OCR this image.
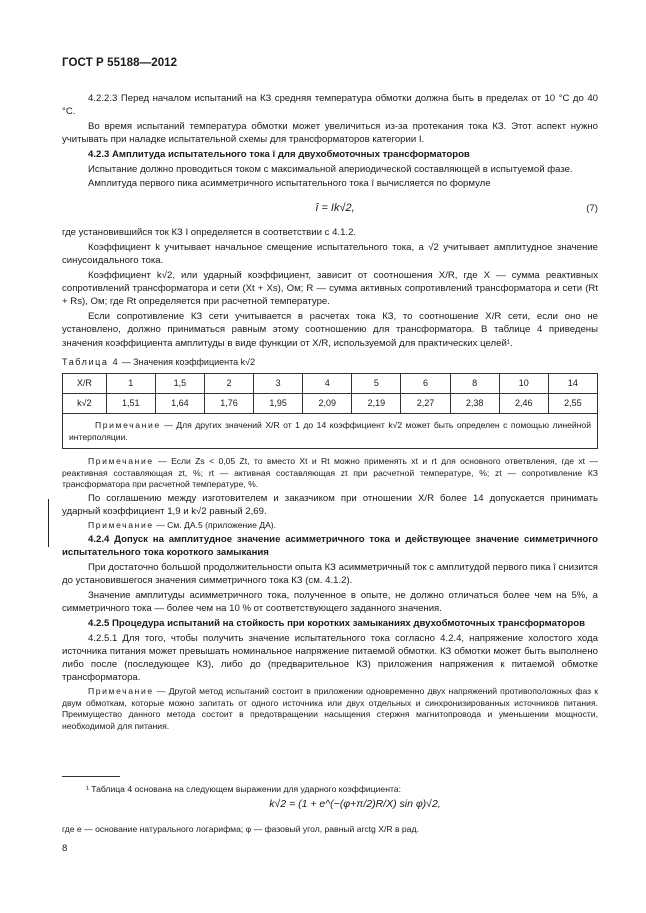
ГОСТ Р 55188—2012

4.2.2.3 Перед началом испытаний на КЗ средняя температура обмотки должна быть в пределах от 10 °С до 40 °С.

Во время испытаний температура обмотки может увеличиться из-за протекания тока КЗ. Этот аспект нужно учитывать при наладке испытательной схемы для трансформаторов категории I.

4.2.3 Амплитуда испытательного тока î для двухобмоточных трансформаторов

Испытание должно проводиться током с максимальной апериодической составляющей в испытуемой фазе.

Амплитуда первого пика асимметричного испытательного тока î вычисляется по формуле

î = Ik√2,	(7)

где установившийся ток КЗ I определяется в соответствии с 4.1.2.

Коэффициент k учитывает начальное смещение испытательного тока, а √2 учитывает амплитудное значение синусоидального тока.

Коэффициент k√2, или ударный коэффициент, зависит от соотношения X/R, где X — сумма реактивных сопротивлений трансформатора и сети (Xt + Xs), Ом; R — сумма активных сопротивлений трансформатора и сети (Rt + Rs), Ом; где Rt определяется при расчетной температуре.

Если сопротивление КЗ сети учитывается в расчетах тока КЗ, то соотношение X/R сети, если оно не установлено, должно приниматься равным этому соотношению для трансформатора. В таблице 4 приведены значения коэффициента амплитуды в виде функции от X/R, используемой для практических целей¹.

Таблица 4 — Значения коэффициента k√2
X/R	1	1,5	2	3	4	5	6	8	10	14
k√2	1,51	1,64	1,76	1,95	2,09	2,19	2,27	2,38	2,46	2,55
Примечание — Для других значений X/R от 1 до 14 коэффициент k√2 может быть определен с помощью линейной интерполяции.										

Примечание — Если Zs < 0,05 Zt, то вместо Xt и Rt можно применять xt и rt для основного ответвления, где xt — реактивная составляющая zt, %; rt — активная составляющая zt при расчетной температуре, %; zt — сопротивление КЗ трансформатора при расчетной температуре, %.

По соглашению между изготовителем и заказчиком при отношении X/R более 14 допускается принимать ударный коэффициент 1,9 и k√2 равный 2,69.

Примечание — См. ДА.5 (приложение ДА).

4.2.4 Допуск на амплитудное значение асимметричного тока и действующее значение симметричного испытательного тока короткого замыкания

При достаточно большой продолжительности опыта КЗ асимметричный ток с амплитудой первого пика î снизится до установившегося значения симметричного тока КЗ (см. 4.1.2).

Значение амплитуды асимметричного тока, полученное в опыте, не должно отличаться более чем на 5%, а симметричного тока — более чем на 10 % от соответствующего заданного значения.

4.2.5 Процедура испытаний на стойкость при коротких замыканиях двухобмоточных трансформаторов

4.2.5.1 Для того, чтобы получить значение испытательного тока согласно 4.2.4, напряжение холостого хода источника питания может превышать номинальное напряжение питаемой обмотки. КЗ обмотки может быть выполнено либо после (последующее КЗ), либо до (предварительное КЗ) приложения напряжения к питаемой обмотке трансформатора.

Примечание — Другой метод испытаний состоит в приложении одновременно двух напряжений противоположных фаз к двум обмоткам, которые можно запитать от одного источника или двух отдельных и синхронизированных источников питания. Преимущество данного метода состоит в предотвращении насыщения стержня магнитопровода и уменьшении мощности, необходимой для питания.

¹ Таблица 4 основана на следующем выражении для ударного коэффициента:
k√2 = (1 + e^(−(φ+π/2)R/X) sin φ)√2,
где e — основание натурального логарифма; φ — фазовый угол, равный arctg X/R в рад.
8
